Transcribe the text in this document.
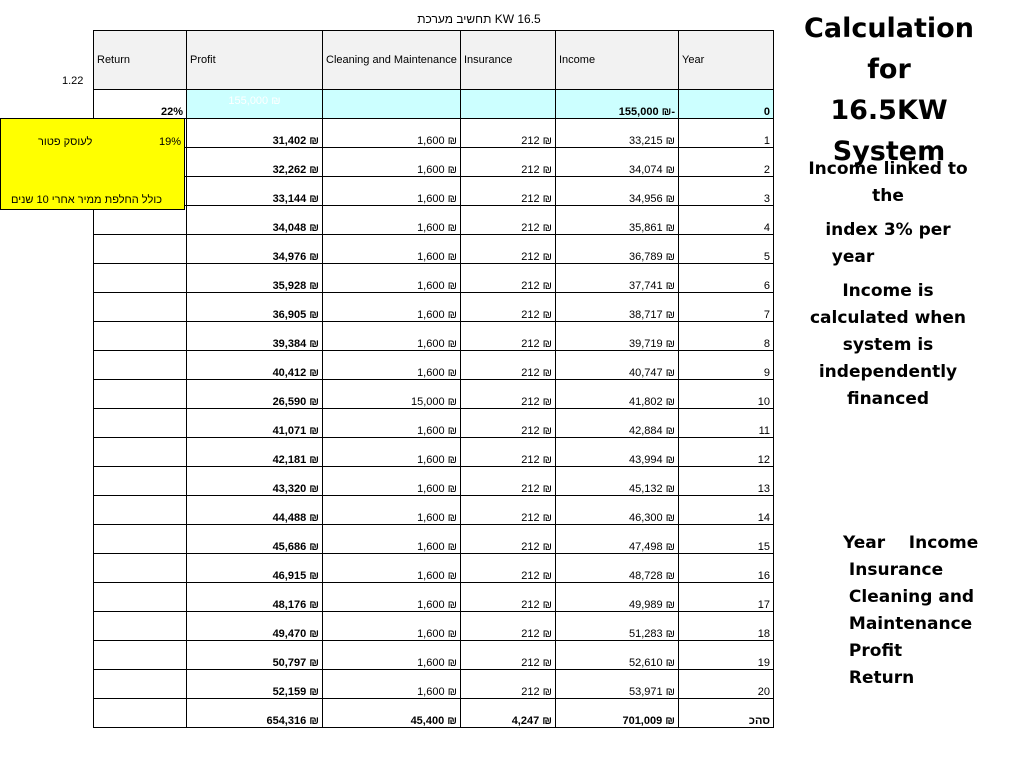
KW 16.5 תחשיב מערכת
1.22
Return	Profit	Cleaning and Maintenance	Insurance	Income	Year
22%	155,000 ₪			155,000 ₪-	0
	31,402 ₪	1,600 ₪	212 ₪	33,215 ₪	1
	32,262 ₪	1,600 ₪	212 ₪	34,074 ₪	2
	33,144 ₪	1,600 ₪	212 ₪	34,956 ₪	3
	34,048 ₪	1,600 ₪	212 ₪	35,861 ₪	4
	34,976 ₪	1,600 ₪	212 ₪	36,789 ₪	5
	35,928 ₪	1,600 ₪	212 ₪	37,741 ₪	6
	36,905 ₪	1,600 ₪	212 ₪	38,717 ₪	7
	39,384 ₪	1,600 ₪	212 ₪	39,719 ₪	8
	40,412 ₪	1,600 ₪	212 ₪	40,747 ₪	9
	26,590 ₪	15,000 ₪	212 ₪	41,802 ₪	10
	41,071 ₪	1,600 ₪	212 ₪	42,884 ₪	11
	42,181 ₪	1,600 ₪	212 ₪	43,994 ₪	12
	43,320 ₪	1,600 ₪	212 ₪	45,132 ₪	13
	44,488 ₪	1,600 ₪	212 ₪	46,300 ₪	14
	45,686 ₪	1,600 ₪	212 ₪	47,498 ₪	15
	46,915 ₪	1,600 ₪	212 ₪	48,728 ₪	16
	48,176 ₪	1,600 ₪	212 ₪	49,989 ₪	17
	49,470 ₪	1,600 ₪	212 ₪	51,283 ₪	18
	50,797 ₪	1,600 ₪	212 ₪	52,610 ₪	19
	52,159 ₪	1,600 ₪	212 ₪	53,971 ₪	20
	654,316 ₪	45,400 ₪	4,247 ₪	701,009 ₪	סהכ
לעוסק פטור	19%
כולל החלפת ממיר אחרי 10 שנים
Calculation for
16.5KW
System
Income linked to
the
index 3% per
year
Income is
calculated when
system is
independently
financed
Year    Income
Insurance
Cleaning and
Maintenance
Profit
Return
